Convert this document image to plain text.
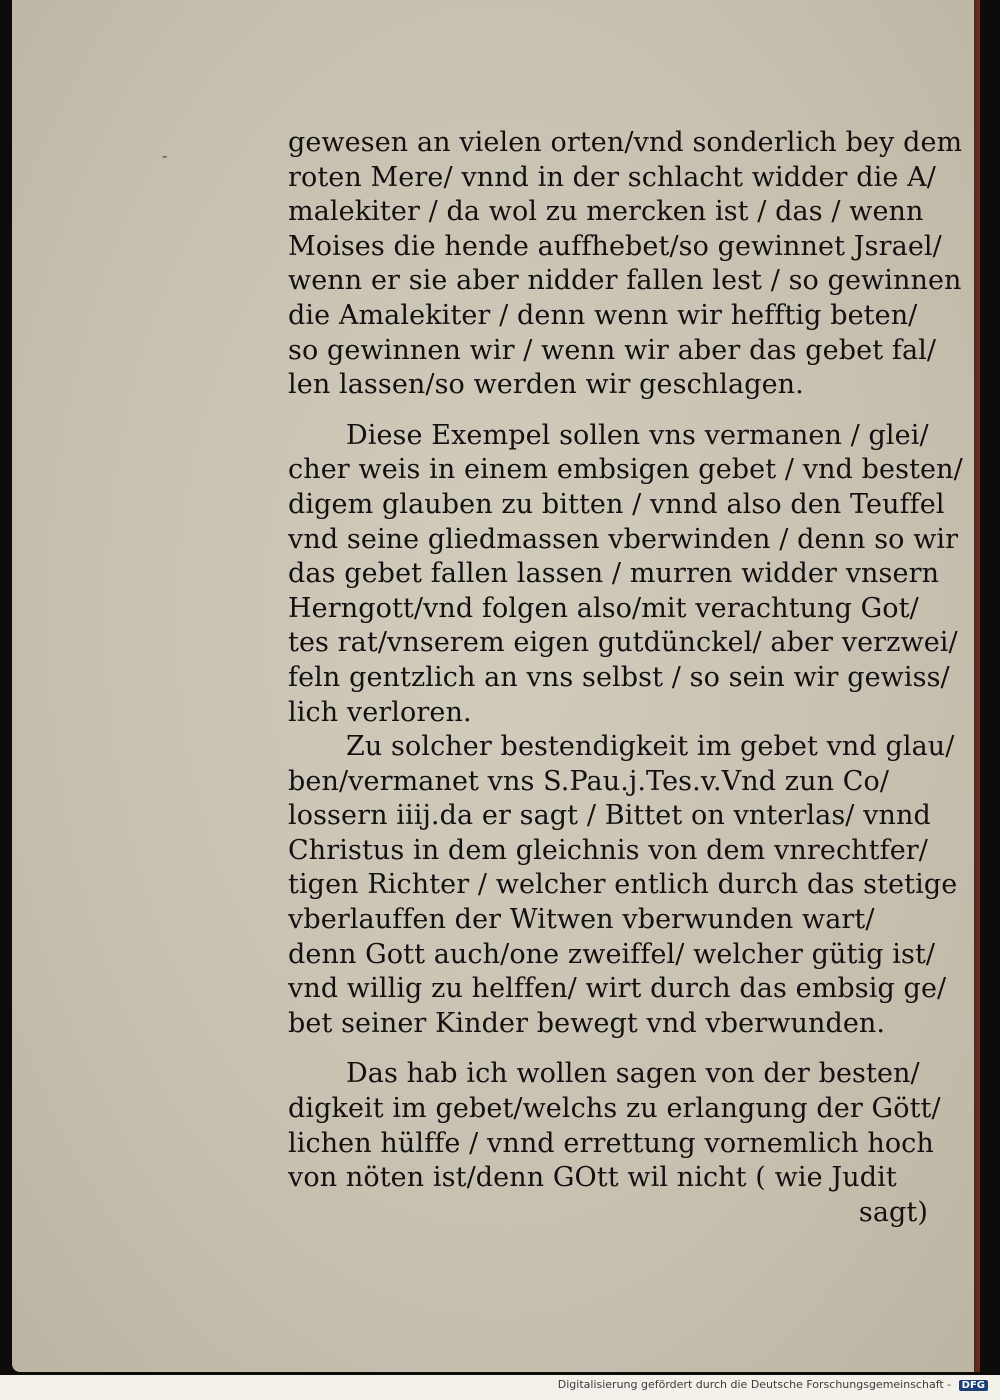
-	gewesen an vielen orten/vnd sonderlich bey dem
roten Mere/ vnnd in der schlacht widder die A/
malekiter / da wol zu mercken ist / das / wenn
Moises die hende auffhebet/so gewinnet Jsrael/
wenn er sie aber nidder fallen lest / so gewinnen
die Amalekiter / denn wenn wir hefftig beten/
so gewinnen wir / wenn wir aber das gebet fal/
len lassen/so werden wir geschlagen.
Diese Exempel sollen vns vermanen / glei/
cher weis in einem embsigen gebet / vnd besten/
digem glauben zu bitten / vnnd also den Teuffel
vnd seine gliedmassen vberwinden / denn so wir
das gebet fallen lassen / murren widder vnsern
Herngott/vnd folgen also/mit verachtung Got/
tes rat/vnserem eigen gutdünckel/ aber verzwei/
feln gentzlich an vns selbst / so sein wir gewiss/
lich verloren.
Zu solcher bestendigkeit im gebet vnd glau/
ben/vermanet vns S.Pau.j.Tes.v.Vnd zun Co/
lossern iiij.da er sagt / Bittet on vnterlas/ vnnd
Christus in dem gleichnis von dem vnrechtfer/
tigen Richter / welcher entlich durch das stetige
vberlauffen der Witwen vberwunden wart/
denn Gott auch/one zweiffel/ welcher gütig ist/
vnd willig zu helffen/ wirt durch das embsig ge/
bet seiner Kinder bewegt vnd vberwunden.
Das hab ich wollen sagen von der besten/
digkeit im gebet/welchs zu erlangung der Gött/
lichen hülffe / vnnd errettung vornemlich hoch
von nöten ist/denn GOtt wil nicht ( wie Judit
sagt)
Digitalisierung gefördert durch die Deutsche Forschungsgemeinschaft - DFG
